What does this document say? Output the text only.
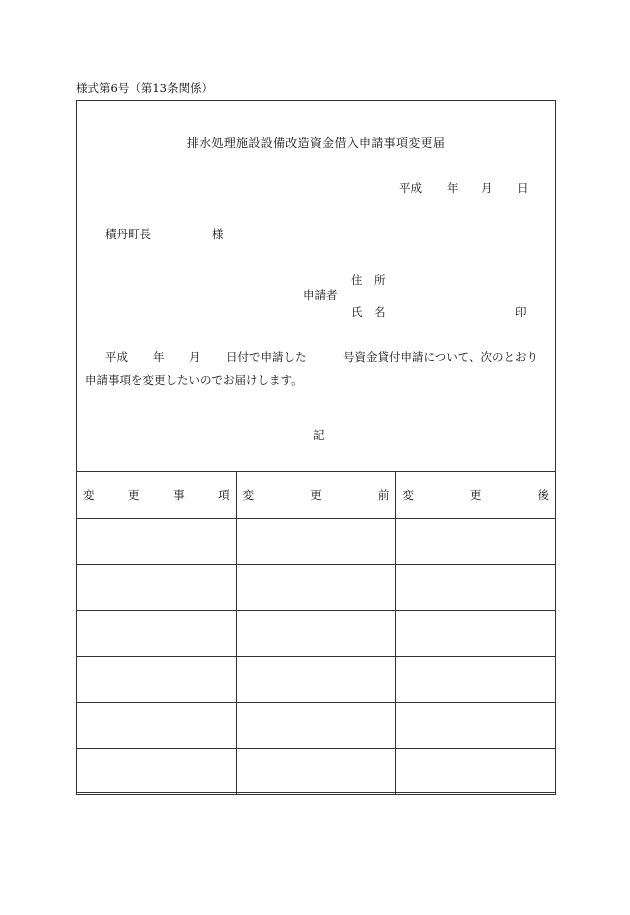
様式第6号（第13条関係）
排水処理施設設備改造資金借入申請事項変更届
平成 年 月 日
積丹町長	様
住　所
申請者
氏　名	印
平成 年 月 日付で申請した	号資金貸付申請について、次のとおり
申請事項を変更したいのでお届けします。
記
変 更 事 項	変 更 前	変 更 後
